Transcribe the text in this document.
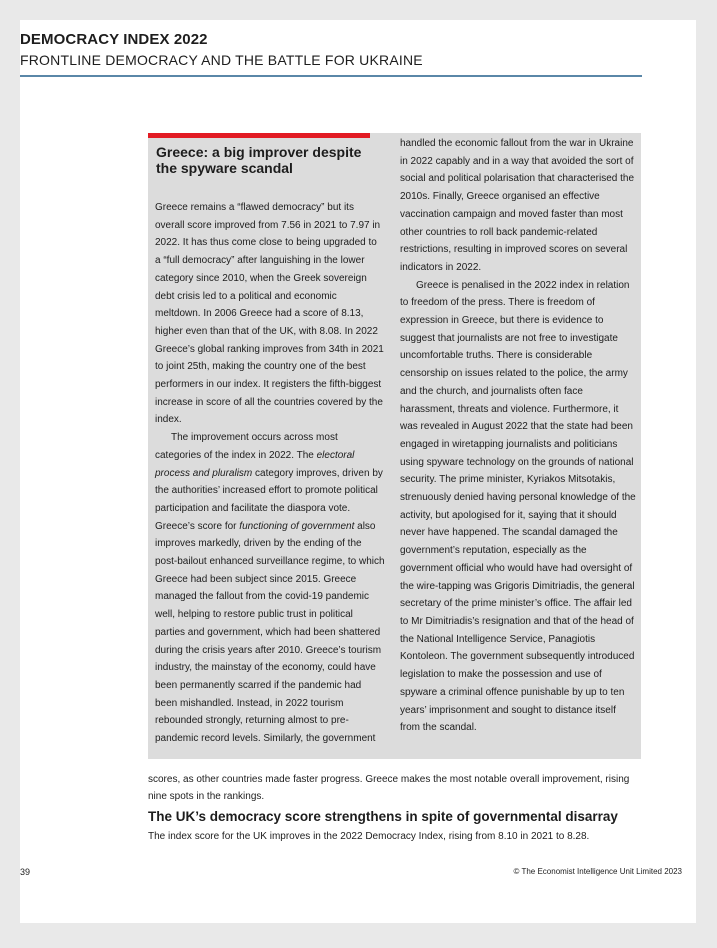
DEMOCRACY INDEX 2022
FRONTLINE DEMOCRACY AND THE BATTLE FOR UKRAINE
Greece: a big improver despite the spyware scandal

Greece remains a “flawed democracy” but its overall score improved from 7.56 in 2021 to 7.97 in 2022. It has thus come close to being upgraded to a “full democracy” after languishing in the lower category since 2010, when the Greek sovereign debt crisis led to a political and economic meltdown. In 2006 Greece had a score of 8.13, higher even than that of the UK, with 8.08. In 2022 Greece’s global ranking improves from 34th in 2021 to joint 25th, making the country one of the best performers in our index. It registers the fifth-biggest increase in score of all the countries covered by the index.

The improvement occurs across most categories of the index in 2022. The electoral process and pluralism category improves, driven by the authorities’ increased effort to promote political participation and facilitate the diaspora vote. Greece’s score for functioning of government also improves markedly, driven by the ending of the post-bailout enhanced surveillance regime, to which Greece had been subject since 2015. Greece managed the fallout from the covid-19 pandemic well, helping to restore public trust in political parties and government, which had been shattered during the crisis years after 2010. Greece’s tourism industry, the mainstay of the economy, could have been permanently scarred if the pandemic had been mishandled. Instead, in 2022 tourism rebounded strongly, returning almost to pre-pandemic record levels. Similarly, the government

handled the economic fallout from the war in Ukraine in 2022 capably and in a way that avoided the sort of social and political polarisation that characterised the 2010s. Finally, Greece organised an effective vaccination campaign and moved faster than most other countries to roll back pandemic-related restrictions, resulting in improved scores on several indicators in 2022.

Greece is penalised in the 2022 index in relation to freedom of the press. There is freedom of expression in Greece, but there is evidence to suggest that journalists are not free to investigate uncomfortable truths. There is considerable censorship on issues related to the police, the army and the church, and journalists often face harassment, threats and violence. Furthermore, it was revealed in August 2022 that the state had been engaged in wiretapping journalists and politicians using spyware technology on the grounds of national security. The prime minister, Kyriakos Mitsotakis, strenuously denied having personal knowledge of the activity, but apologised for it, saying that it should never have happened. The scandal damaged the government’s reputation, especially as the government official who would have had oversight of the wire-tapping was Grigoris Dimitriadis, the general secretary of the prime minister’s office. The affair led to Mr Dimitriadis’s resignation and that of the head of the National Intelligence Service, Panagiotis Kontoleon. The government subsequently introduced legislation to make the possession and use of spyware a criminal offence punishable by up to ten years’ imprisonment and sought to distance itself from the scandal.

scores, as other countries made faster progress. Greece makes the most notable overall improvement, rising nine spots in the rankings.
The UK’s democracy score strengthens in spite of governmental disarray
The index score for the UK improves in the 2022 Democracy Index, rising from 8.10 in 2021 to 8.28.
39	© The Economist Intelligence Unit Limited 2023
